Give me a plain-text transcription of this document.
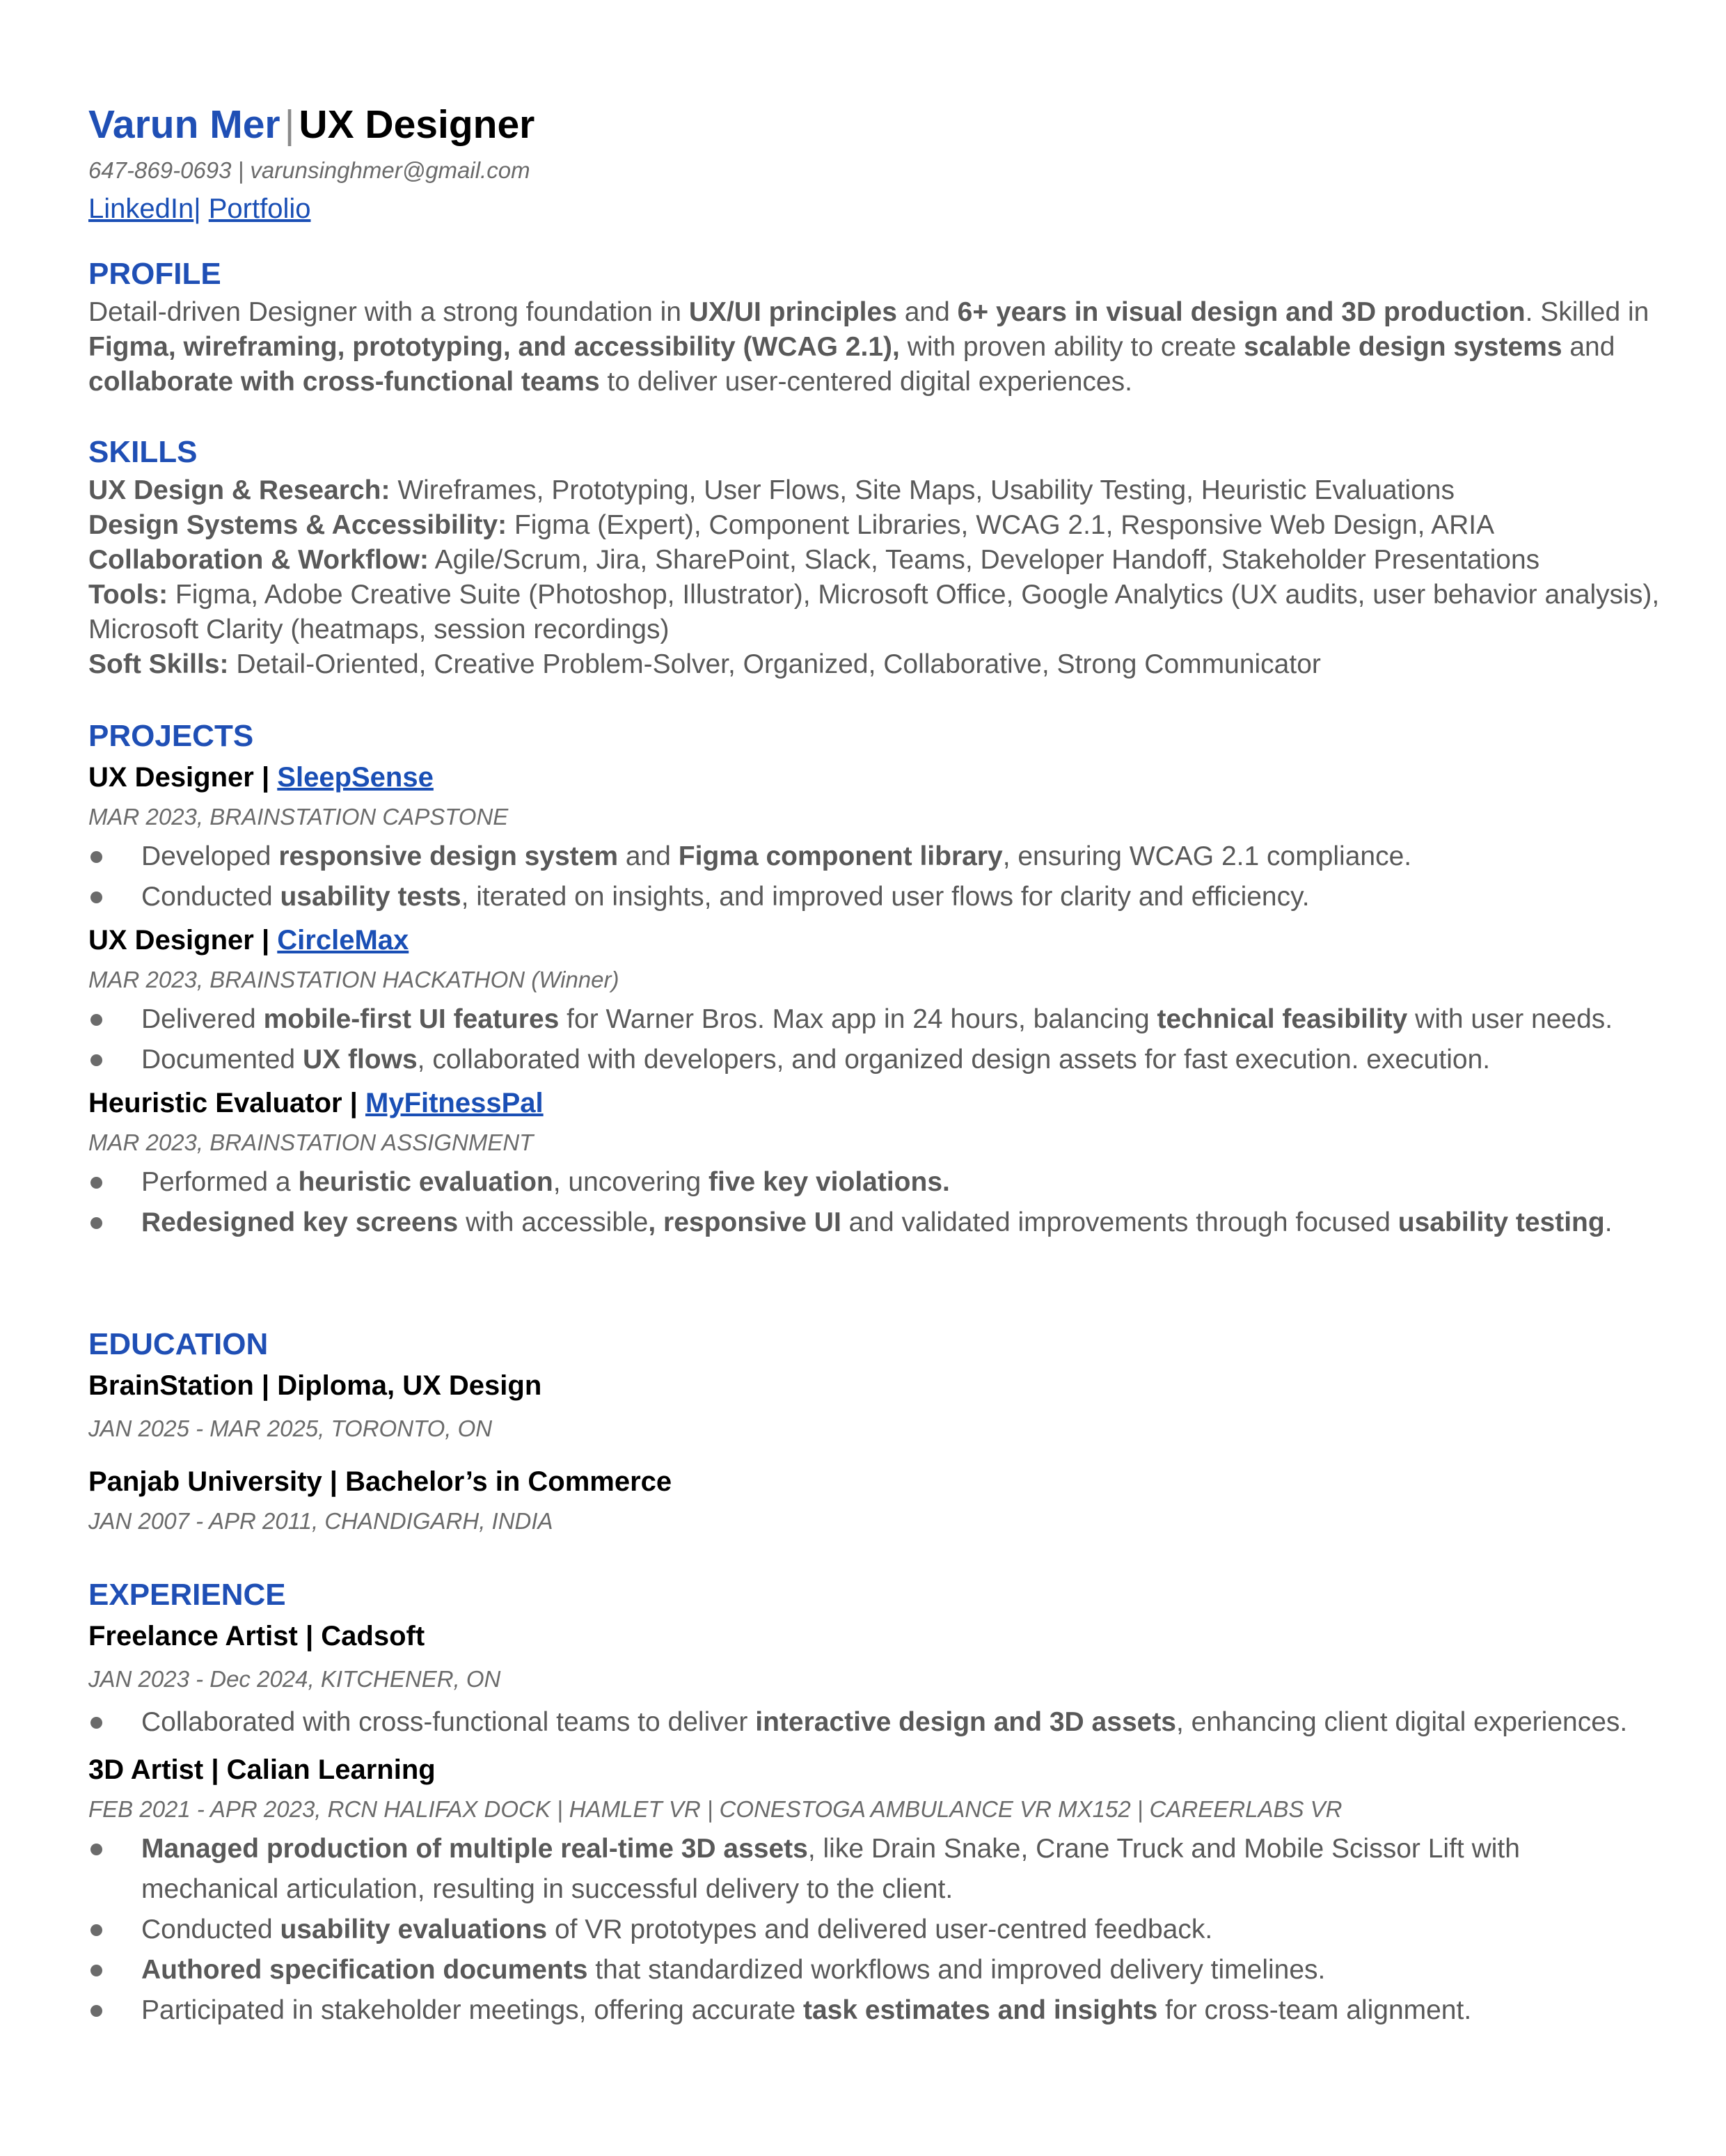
Varun Mer | UX Designer
647-869-0693 | varunsinghmer@gmail.com
LinkedIn| Portfolio
PROFILE
Detail-driven Designer with a strong foundation in UX/UI principles and 6+ years in visual design and 3D production. Skilled in Figma, wireframing, prototyping, and accessibility (WCAG 2.1), with proven ability to create scalable design systems and collaborate with cross-functional teams to deliver user-centered digital experiences.
SKILLS
UX Design & Research: Wireframes, Prototyping, User Flows, Site Maps, Usability Testing, Heuristic Evaluations
Design Systems & Accessibility: Figma (Expert), Component Libraries, WCAG 2.1, Responsive Web Design, ARIA
Collaboration & Workflow: Agile/Scrum, Jira, SharePoint, Slack, Teams, Developer Handoff, Stakeholder Presentations
Tools: Figma, Adobe Creative Suite (Photoshop, Illustrator), Microsoft Office, Google Analytics (UX audits, user behavior analysis), Microsoft Clarity (heatmaps, session recordings)
Soft Skills: Detail-Oriented, Creative Problem-Solver, Organized, Collaborative, Strong Communicator
PROJECTS
UX Designer | SleepSense
MAR 2023, BRAINSTATION CAPSTONE
Developed responsive design system and Figma component library, ensuring WCAG 2.1 compliance.
Conducted usability tests, iterated on insights, and improved user flows for clarity and efficiency.
UX Designer | CircleMax
MAR 2023, BRAINSTATION HACKATHON (Winner)
Delivered mobile-first UI features for Warner Bros. Max app in 24 hours, balancing technical feasibility with user needs.
Documented UX flows, collaborated with developers, and organized design assets for fast execution. execution.
Heuristic Evaluator | MyFitnessPal
MAR 2023, BRAINSTATION ASSIGNMENT
Performed a heuristic evaluation, uncovering five key violations.
Redesigned key screens with accessible, responsive UI and validated improvements through focused usability testing.
EDUCATION
BrainStation | Diploma, UX Design
JAN 2025 - MAR 2025, TORONTO, ON
Panjab University | Bachelor’s in Commerce
JAN 2007 - APR 2011, CHANDIGARH, INDIA
EXPERIENCE
Freelance Artist | Cadsoft
JAN 2023 - Dec 2024, KITCHENER, ON
Collaborated with cross-functional teams to deliver interactive design and 3D assets, enhancing client digital experiences.
3D Artist | Calian Learning
FEB 2021 - APR 2023, RCN HALIFAX DOCK | HAMLET VR | CONESTOGA AMBULANCE VR MX152 | CAREERLABS VR
Managed production of multiple real-time 3D assets, like Drain Snake, Crane Truck and Mobile Scissor Lift with mechanical articulation, resulting in successful delivery to the client.
Conducted usability evaluations of VR prototypes and delivered user-centred feedback.
Authored specification documents that standardized workflows and improved delivery timelines.
Participated in stakeholder meetings, offering accurate task estimates and insights for cross-team alignment.
